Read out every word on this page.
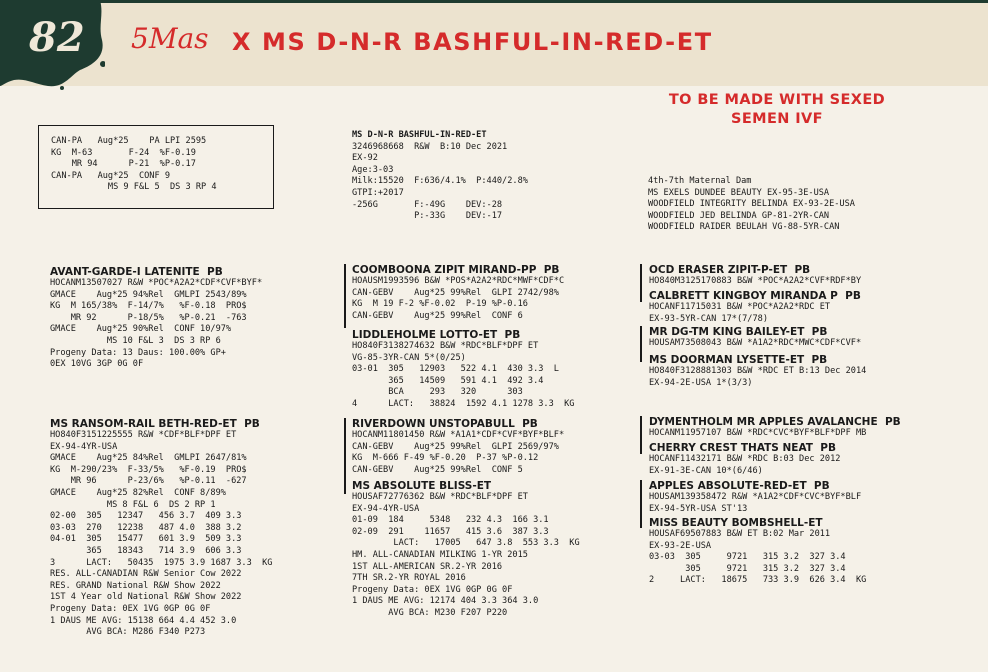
82 5Mas X MS D-N-R BASHFUL-IN-RED-ET
TO BE MADE WITH SEXED SEMEN IVF
CAN-PA   Aug*25    PA LPI 2595
KG  M-63       F-24  %F-0.19
MR 94      P-21  %P-0.17
CAN-PA   Aug*25  CONF 9
MS 9 F&L 5  DS 3 RP 4
MS D-N-R BASHFUL-IN-RED-ET
3246968668  R&W  B:10 Dec 2021
EX-92
Age:3-03
Milk:15520  F:636/4.1%  P:440/2.8%
GTPI:+2017
-256G       F:-49G    DEV:-28
P:-33G    DEV:-17
4th-7th Maternal Dam
MS EXELS DUNDEE BEAUTY EX-95-3E-USA
WOODFIELD INTEGRITY BELINDA EX-93-2E-USA
WOODFIELD JED BELINDA GP-81-2YR-CAN
WOODFIELD RAIDER BEULAH VG-88-5YR-CAN
AVANT-GARDE-I LATENITE  PB
HOCANM13507027 R&W *POC*A2A2*CDF*CVF*BYF*
GMACE    Aug*25 94%Rel  GMLPI 2543/89%
KG  M 165/38%  F-14/7%   %F-0.18  PRO$
MR 92      P-18/5%   %P-0.21  -763
GMACE    Aug*25 90%Rel  CONF 10/97%
MS 10 F&L 3  DS 3 RP 6
Progeny Data: 13 Daus: 100.00% GP+
0EX 10VG 3GP 0G 0F
MS RANSOM-RAIL BETH-RED-ET  PB
HO840F3151225555 R&W *CDF*BLF*DPF ET
EX-94-4YR-USA
GMACE    Aug*25 84%Rel  GMLPI 2647/81%
KG  M-290/23%  F-33/5%   %F-0.19  PRO$
MR 96      P-23/6%   %P-0.11  -627
GMACE    Aug*25 82%Rel  CONF 8/89%
MS 8 F&L 6  DS 2 RP 1
02-00  305   12347   456 3.7  409 3.3
03-03  270   12238   487 4.0  388 3.2
04-01  305   15477   601 3.9  509 3.3
365   18343   714 3.9  606 3.3
3      LACT:   50435  1975 3.9 1687 3.3  KG
RES. ALL-CANADIAN R&W Senior Cow 2022
RES. GRAND National R&W Show 2022
1ST 4 Year old National R&W Show 2022
Progeny Data: 0EX 1VG 0GP 0G 0F
1 DAUS ME AVG: 15138 664 4.4 452 3.0
AVG BCA: M286 F340 P273
COOMBOONA ZIPIT MIRAND-PP  PB
HOAUSM1993596 B&W *POS*A2A2*RDC*MWF*CDF*C
CAN-GEBV    Aug*25 99%Rel  GLPI 2742/98%
KG  M 19 F-2 %F-0.02  P-19 %P-0.16
CAN-GEBV    Aug*25 99%Rel  CONF 6
LIDDLEHOLME LOTTO-ET  PB
HO840F3138274632 B&W *RDC*BLF*DPF ET
VG-85-3YR-CAN 5*(0/25)
03-01  305   12903   522 4.1  430 3.3  L
365   14509   591 4.1  492 3.4
BCA     293   320      303
4      LACT:   38824  1592 4.1 1278 3.3  KG
RIVERDOWN UNSTOPABULL  PB
HOCANM11801450 R&W *A1A1*CDF*CVF*BYF*BLF*
CAN-GEBV    Aug*25 99%Rel  GLPI 2569/97%
KG  M-666 F-49 %F-0.20  P-37 %P-0.12
CAN-GEBV    Aug*25 99%Rel  CONF 5
MS ABSOLUTE BLISS-ET
HOUSAF72776362 B&W *RDC*BLF*DPF ET
EX-94-4YR-USA
01-09  184     5348   232 4.3  166 3.1
02-09  291    11657   415 3.6  387 3.3
LACT:   17005   647 3.8  553 3.3  KG
HM. ALL-CANADIAN MILKING 1-YR 2015
1ST ALL-AMERICAN SR.2-YR 2016
7TH SR.2-YR ROYAL 2016
Progeny Data: 0EX 1VG 0GP 0G 0F
1 DAUS ME AVG: 12174 404 3.3 364 3.0
AVG BCA: M230 F207 P220
OCD ERASER ZIPIT-P-ET  PB
HO840M3125170883 B&W *POC*A2A2*CVF*RDF*BY
CALBRETT KINGBOY MIRANDA P  PB
HOCANF11715031 B&W *POC*A2A2*RDC ET
EX-93-5YR-CAN 17*(7/78)
MR DG-TM KING BAILEY-ET  PB
HOUSAM73508043 B&W *A1A2*RDC*MWC*CDF*CVF*
MS DOORMAN LYSETTE-ET  PB
HO840F3128881303 B&W *RDC ET B:13 Dec 2014
EX-94-2E-USA 1*(3/3)
DYMENTHOLM MR APPLES AVALANCHE  PB
HOCANM11957107 B&W *RDC*CVC*BYF*BLF*DPF MB
CHERRY CREST THATS NEAT  PB
HOCANF11432171 B&W *RDC B:03 Dec 2012
EX-91-3E-CAN 10*(6/46)
APPLES ABSOLUTE-RED-ET  PB
HOUSAM139358472 R&W *A1A2*CDF*CVC*BYF*BLF
EX-94-5YR-USA ST'13
MISS BEAUTY BOMBSHELL-ET
HOUSAF69507883 B&W ET B:02 Mar 2011
EX-93-2E-USA
03-03  305     9721   315 3.2  327 3.4
305     9721   315 3.2  327 3.4
2     LACT:   18675   733 3.9  626 3.4  KG
